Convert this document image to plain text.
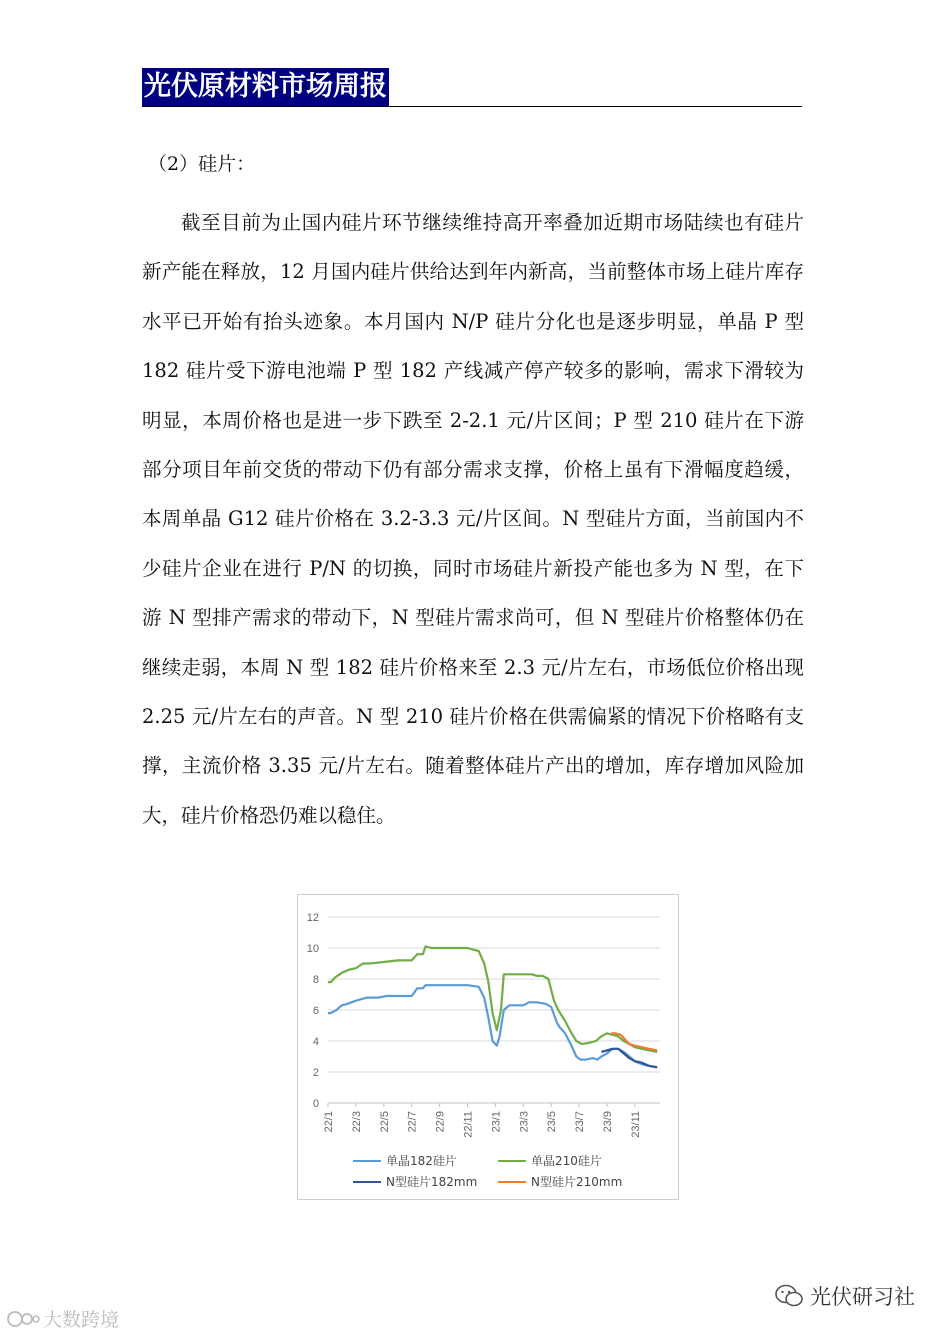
光伏原材料市场周报
（2）硅片：

截至目前为止国内硅片环节继续维持高开率叠加近期市场陆续也有硅片新产能在释放，12 月国内硅片供给达到年内新高，当前整体市场上硅片库存水平已开始有抬头迹象。本月国内 N/P 硅片分化也是逐步明显，单晶 P 型 182 硅片受下游电池端 P 型 182 产线减产停产较多的影响，需求下滑较为明显，本周价格也是进一步下跌至 2-2.1 元/片区间；P 型 210 硅片在下游部分项目年前交货的带动下仍有部分需求支撑，价格上虽有下滑幅度趋缓，本周单晶 G12 硅片价格在 3.2-3.3 元/片区间。N 型硅片方面，当前国内不少硅片企业在进行 P/N 的切换，同时市场硅片新投产能也多为 N 型，在下游 N 型排产需求的带动下，N 型硅片需求尚可，但 N 型硅片价格整体仍在继续走弱，本周 N 型 182 硅片价格来至 2.3 元/片左右，市场低位价格出现 2.25 元/片左右的声音。N 型 210 硅片价格在供需偏紧的情况下价格略有支撑，主流价格 3.35 元/片左右。随着整体硅片产出的增加，库存增加风险加大，硅片价格恐仍难以稳住。

0
2
4
6
8
10
12
22/1 22/3 22/5 22/7 22/9 22/11 23/1 23/3 23/5 23/7 23/9 23/11
单晶182硅片	单晶210硅片
N型硅片182mm	N型硅片210mm
光伏研习社
大数跨境
